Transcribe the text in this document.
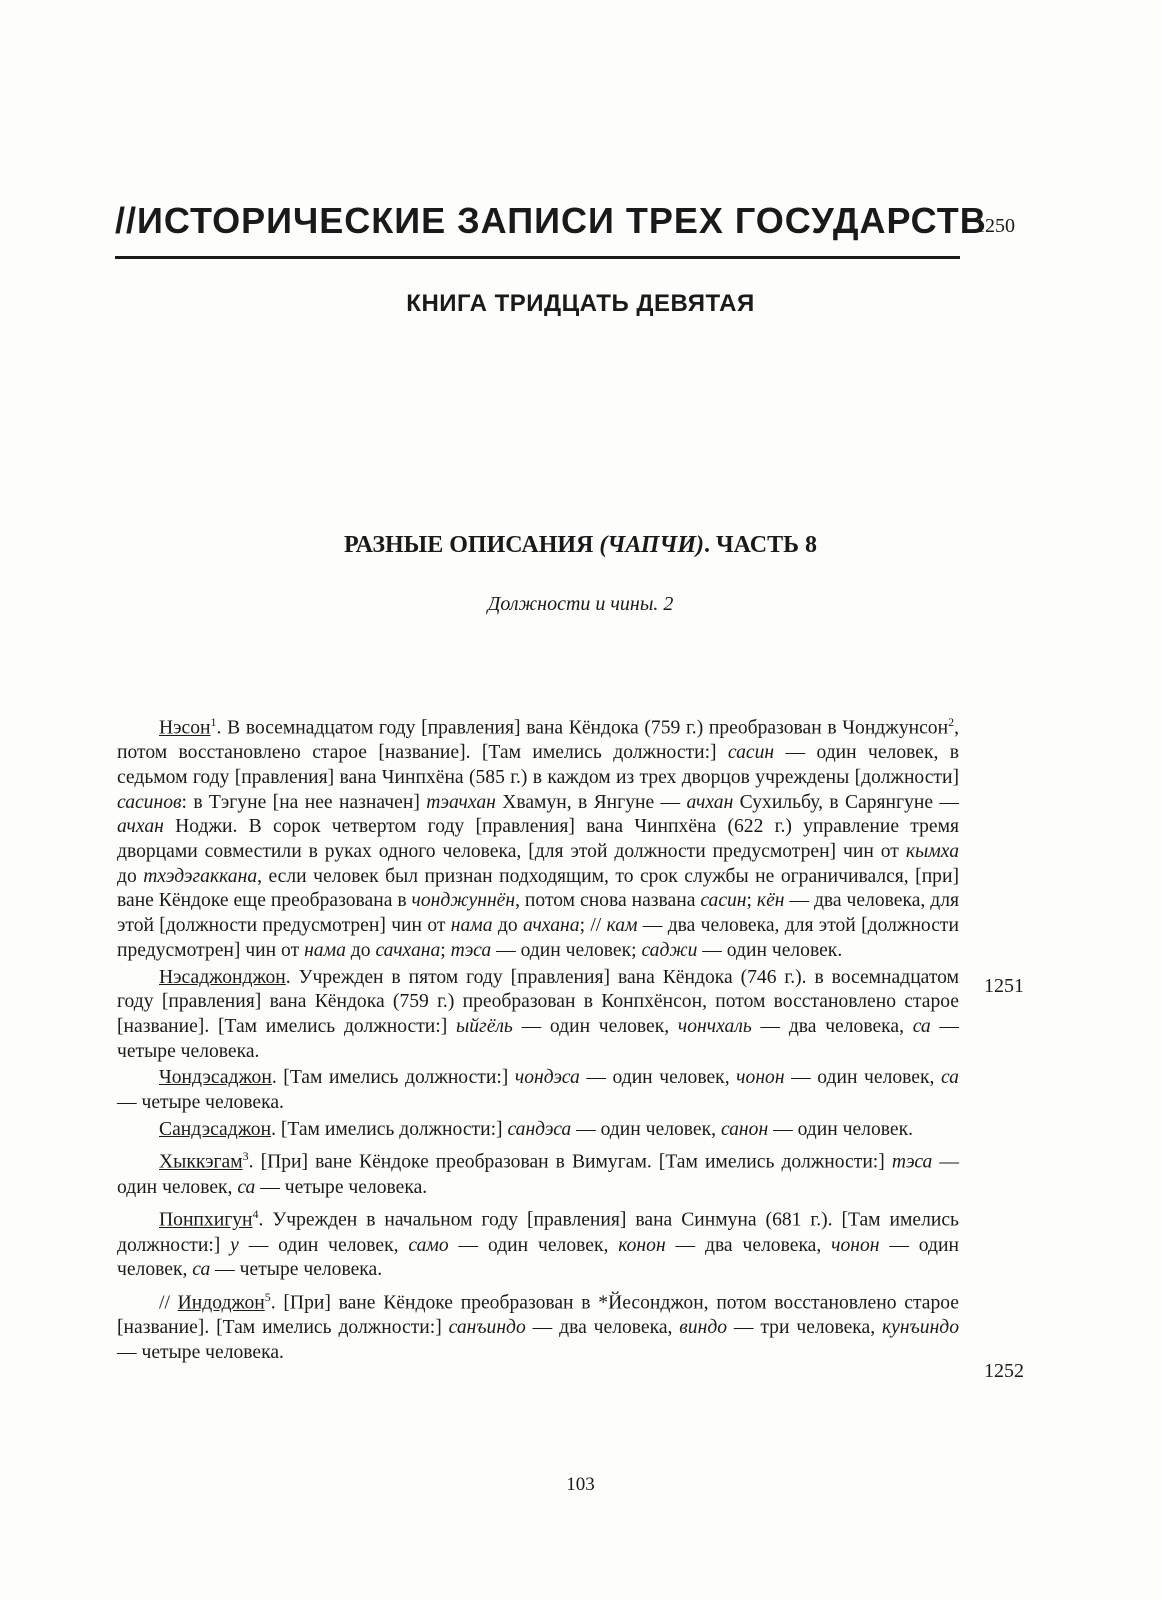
//ИСТОРИЧЕСКИЕ ЗАПИСИ ТРЕХ ГОСУДАРСТВ
1250
КНИГА ТРИДЦАТЬ ДЕВЯТАЯ
РАЗНЫЕ ОПИСАНИЯ (ЧАПЧИ). ЧАСТЬ 8
Должности и чины. 2

Нэсон$^1$. В восемнадцатом году [правления] вана Кёндока (759 г.) преобразован в Чонджунсон$^2$, потом восстановлено старое [название]. [Там имелись должности:] сасин — один человек, в седьмом году [правления] вана Чинпхёна (585 г.) в каждом из трех дворцов учреждены [должности] сасинов: в Тэгуне [на нее назначен] тэачхан Хвамун, в Янгуне — ачхан Сухильбу, в Сарянгуне — ачхан Ноджи. В сорок четвертом году [правления] вана Чинпхёна (622 г.) управление тремя дворцами совместили в руках одного человека, [для этой должности предусмотрен] чин от кымха до тхэдэгаккана, если человек был признан подходящим, то срок службы не ограничивался, [при] ване Кёндоке еще преобразована в чонджуннён, потом снова названа сасин; кён — два человека, для этой [должности предусмотрен] чин от нама до ачхана; // кам — два человека, для этой [должности предусмотрен] чин от нама до сачхана; тэса — один человек; саджи — один человек.

Нэсаджонджон. Учрежден в пятом году [правления] вана Кёндока (746 г.). в восемнадцатом году [правления] вана Кёндока (759 г.) преобразован в Конпхёнсон, потом восстановлено старое [название]. [Там имелись должности:] ыйгёль — один человек, чончхаль — два человека, са — четыре человека.

Чондэсаджон. [Там имелись должности:] чондэса — один человек, чонон — один человек, са — четыре человека.

Сандэсаджон. [Там имелись должности:] сандэса — один человек, санон — один человек.

Хыккэгам$^3$. [При] ване Кёндоке преобразован в Вимугам. [Там имелись должности:] тэса — один человек, са — четыре человека.

Понпхигун$^4$. Учрежден в начальном году [правления] вана Синмуна (681 г.). [Там имелись должности:] у — один человек, само — один человек, конон — два человека, чонон — один человек, са — четыре человека.

// Индоджон$^5$. [При] ване Кёндоке преобразован в *Йесонджон, потом восстановлено старое [название]. [Там имелись должности:] санъиндо — два человека, виндо — три человека, кунъиндо — четыре человека.

1251
1252
103
